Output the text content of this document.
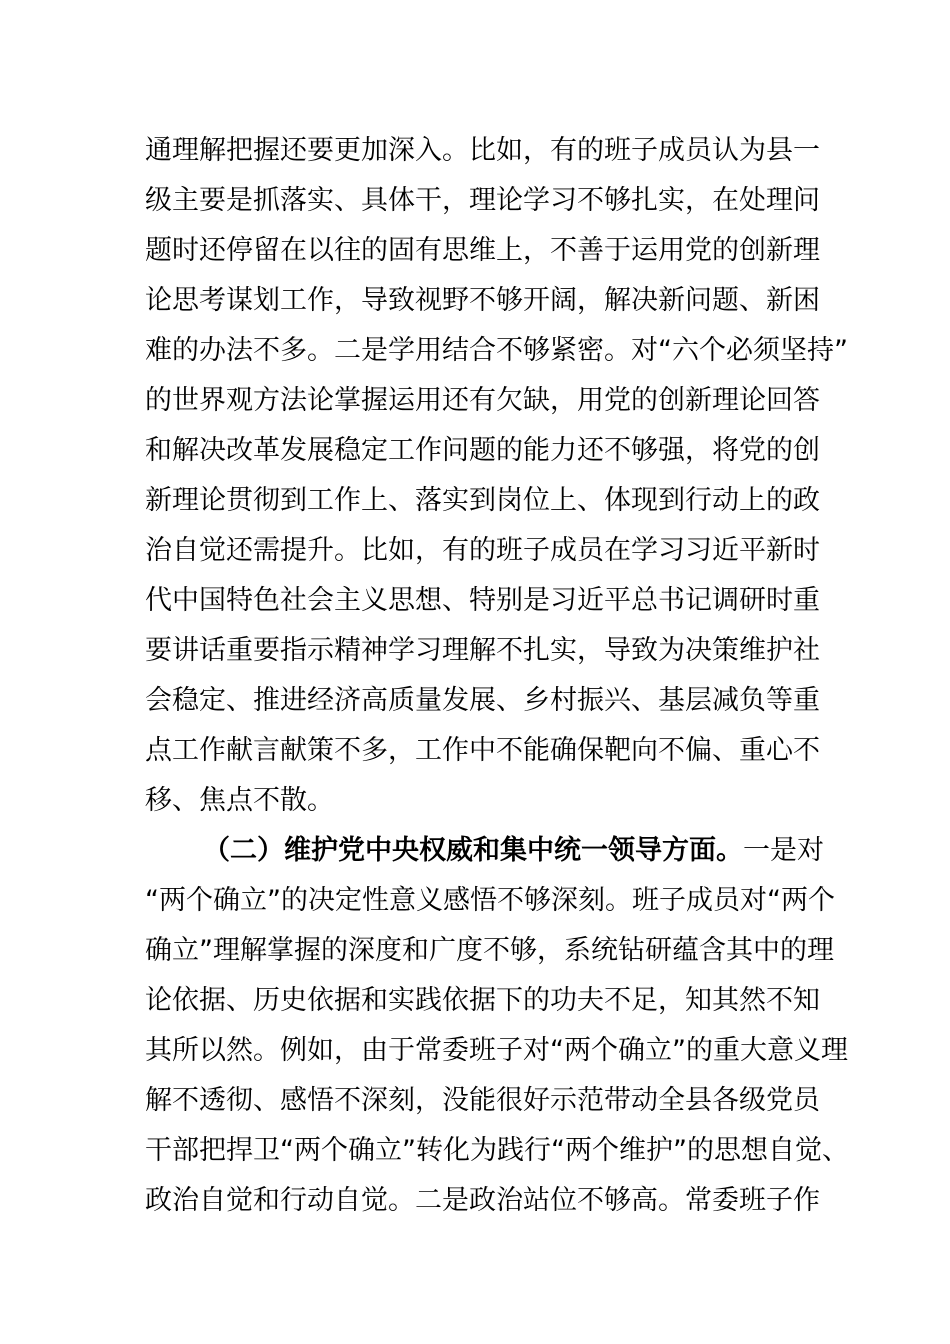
通理解把握还要更加深入。比如，有的班子成员认为县一
级主要是抓落实、具体干，理论学习不够扎实，在处理问
题时还停留在以往的固有思维上，不善于运用党的创新理
论思考谋划工作，导致视野不够开阔，解决新问题、新困
难的办法不多。二是学用结合不够紧密。对“六个必须坚持”
的世界观方法论掌握运用还有欠缺，用党的创新理论回答
和解决改革发展稳定工作问题的能力还不够强，将党的创
新理论贯彻到工作上、落实到岗位上、体现到行动上的政
治自觉还需提升。比如，有的班子成员在学习习近平新时
代中国特色社会主义思想、特别是习近平总书记调研时重
要讲话重要指示精神学习理解不扎实，导致为决策维护社
会稳定、推进经济高质量发展、乡村振兴、基层减负等重
点工作献言献策不多，工作中不能确保靶向不偏、重心不
移、焦点不散。
（二）维护党中央权威和集中统一领导方面。一是对
“两个确立”的决定性意义感悟不够深刻。班子成员对“两个
确立”理解掌握的深度和广度不够，系统钻研蕴含其中的理
论依据、历史依据和实践依据下的功夫不足，知其然不知
其所以然。例如，由于常委班子对“两个确立”的重大意义理
解不透彻、感悟不深刻，没能很好示范带动全县各级党员
干部把捍卫“两个确立”转化为践行“两个维护”的思想自觉、
政治自觉和行动自觉。二是政治站位不够高。常委班子作
